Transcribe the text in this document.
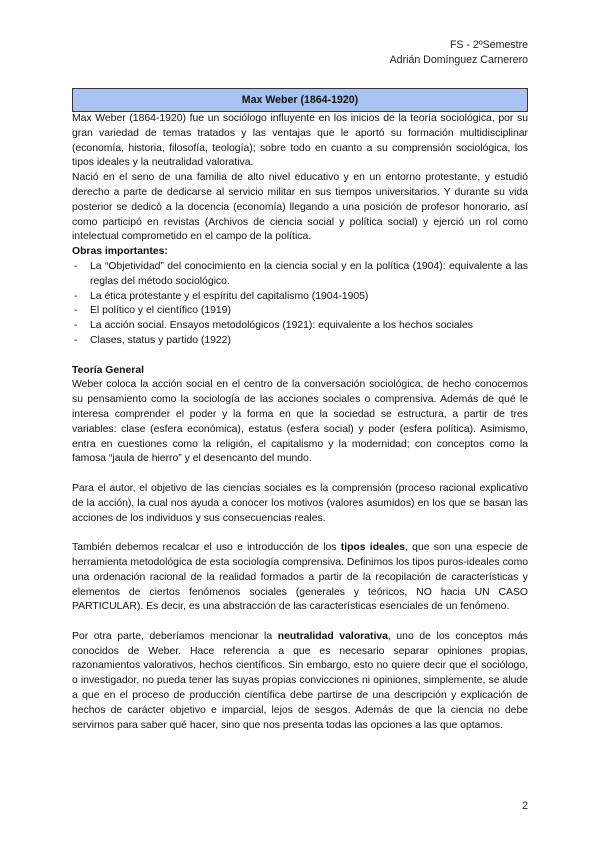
FS - 2ºSemestre
Adrián Domínguez Carnerero
Max Weber (1864-1920)

Max Weber (1864-1920) fue un sociólogo influyente en los inicios de la teoría sociológica, por su gran variedad de temas tratados y las ventajas que le aportó su formación multidisciplinar (economía, historia, filosofía, teología); sobre todo en cuanto a su comprensión sociológica, los tipos ideales y la neutralidad valorativa.

Nació en el seno de una familia de alto nivel educativo y en un entorno protestante, y estudió derecho a parte de dedicarse al servicio militar en sus tiempos universitarios. Y durante su vida posterior se dedicó a la docencia (economía) llegando a una posición de profesor honorario, así como participó en revistas (Archivos de ciencia social y política social) y ejerció un rol como intelectual comprometido en el campo de la política.

Obras importantes:

- La “Objetividad” del conocimiento en la ciencia social y en la política (1904): equivalente a las reglas del método sociológico.
- La ética protestante y el espíritu del capitalismo (1904-1905)
- El político y el científico (1919)
- La acción social. Ensayos metodológicos (1921): equivalente a los hechos sociales
- Clases, status y partido (1922)

Teoría General

Weber coloca la acción social en el centro de la conversación sociológica, de hecho conocemos su pensamiento como la sociología de las acciones sociales o comprensiva. Además de qué le interesa comprender el poder y la forma en que la sociedad se estructura, a partir de tres variables: clase (esfera económica), estatus (esfera social) y poder (esfera política). Asimismo, entra en cuestiones como la religión, el capitalismo y la modernidad; con conceptos como la famosa “jaula de hierro” y el desencanto del mundo.

Para el autor, el objetivo de las ciencias sociales es la comprensión (proceso racional explicativo de la acción), la cual nos ayuda a conocer los motivos (valores asumidos) en los que se basan las acciones de los individuos y sus consecuencias reales.

También debemos recalcar el uso e introducción de los tipos ideales, que son una especie de herramienta metodológica de esta sociología comprensiva. Definimos los tipos puros-ideales como una ordenación racional de la realidad formados a partir de la recopilación de características y elementos de ciertos fenómenos sociales (generales y teóricos, NO hacia UN CASO PARTICULAR). Es decir, es una abstracción de las características esenciales de un fenómeno.

Por otra parte, deberíamos mencionar la neutralidad valorativa, uno de los conceptos más conocidos de Weber. Hace referencia a que es necesario separar opiniones propias, razonamientos valorativos, hechos científicos. Sin embargo, esto no quiere decir que el sociólogo, o investigador, no pueda tener las suyas propias convicciones ni opiniones, simplemente, se alude a que en el proceso de producción científica debe partirse de una descripción y explicación de hechos de carácter objetivo e imparcial, lejos de sesgos. Además de que la ciencia no debe servirnos para saber qué hacer, sino que nos presenta todas las opciones a las que optamos.

2
